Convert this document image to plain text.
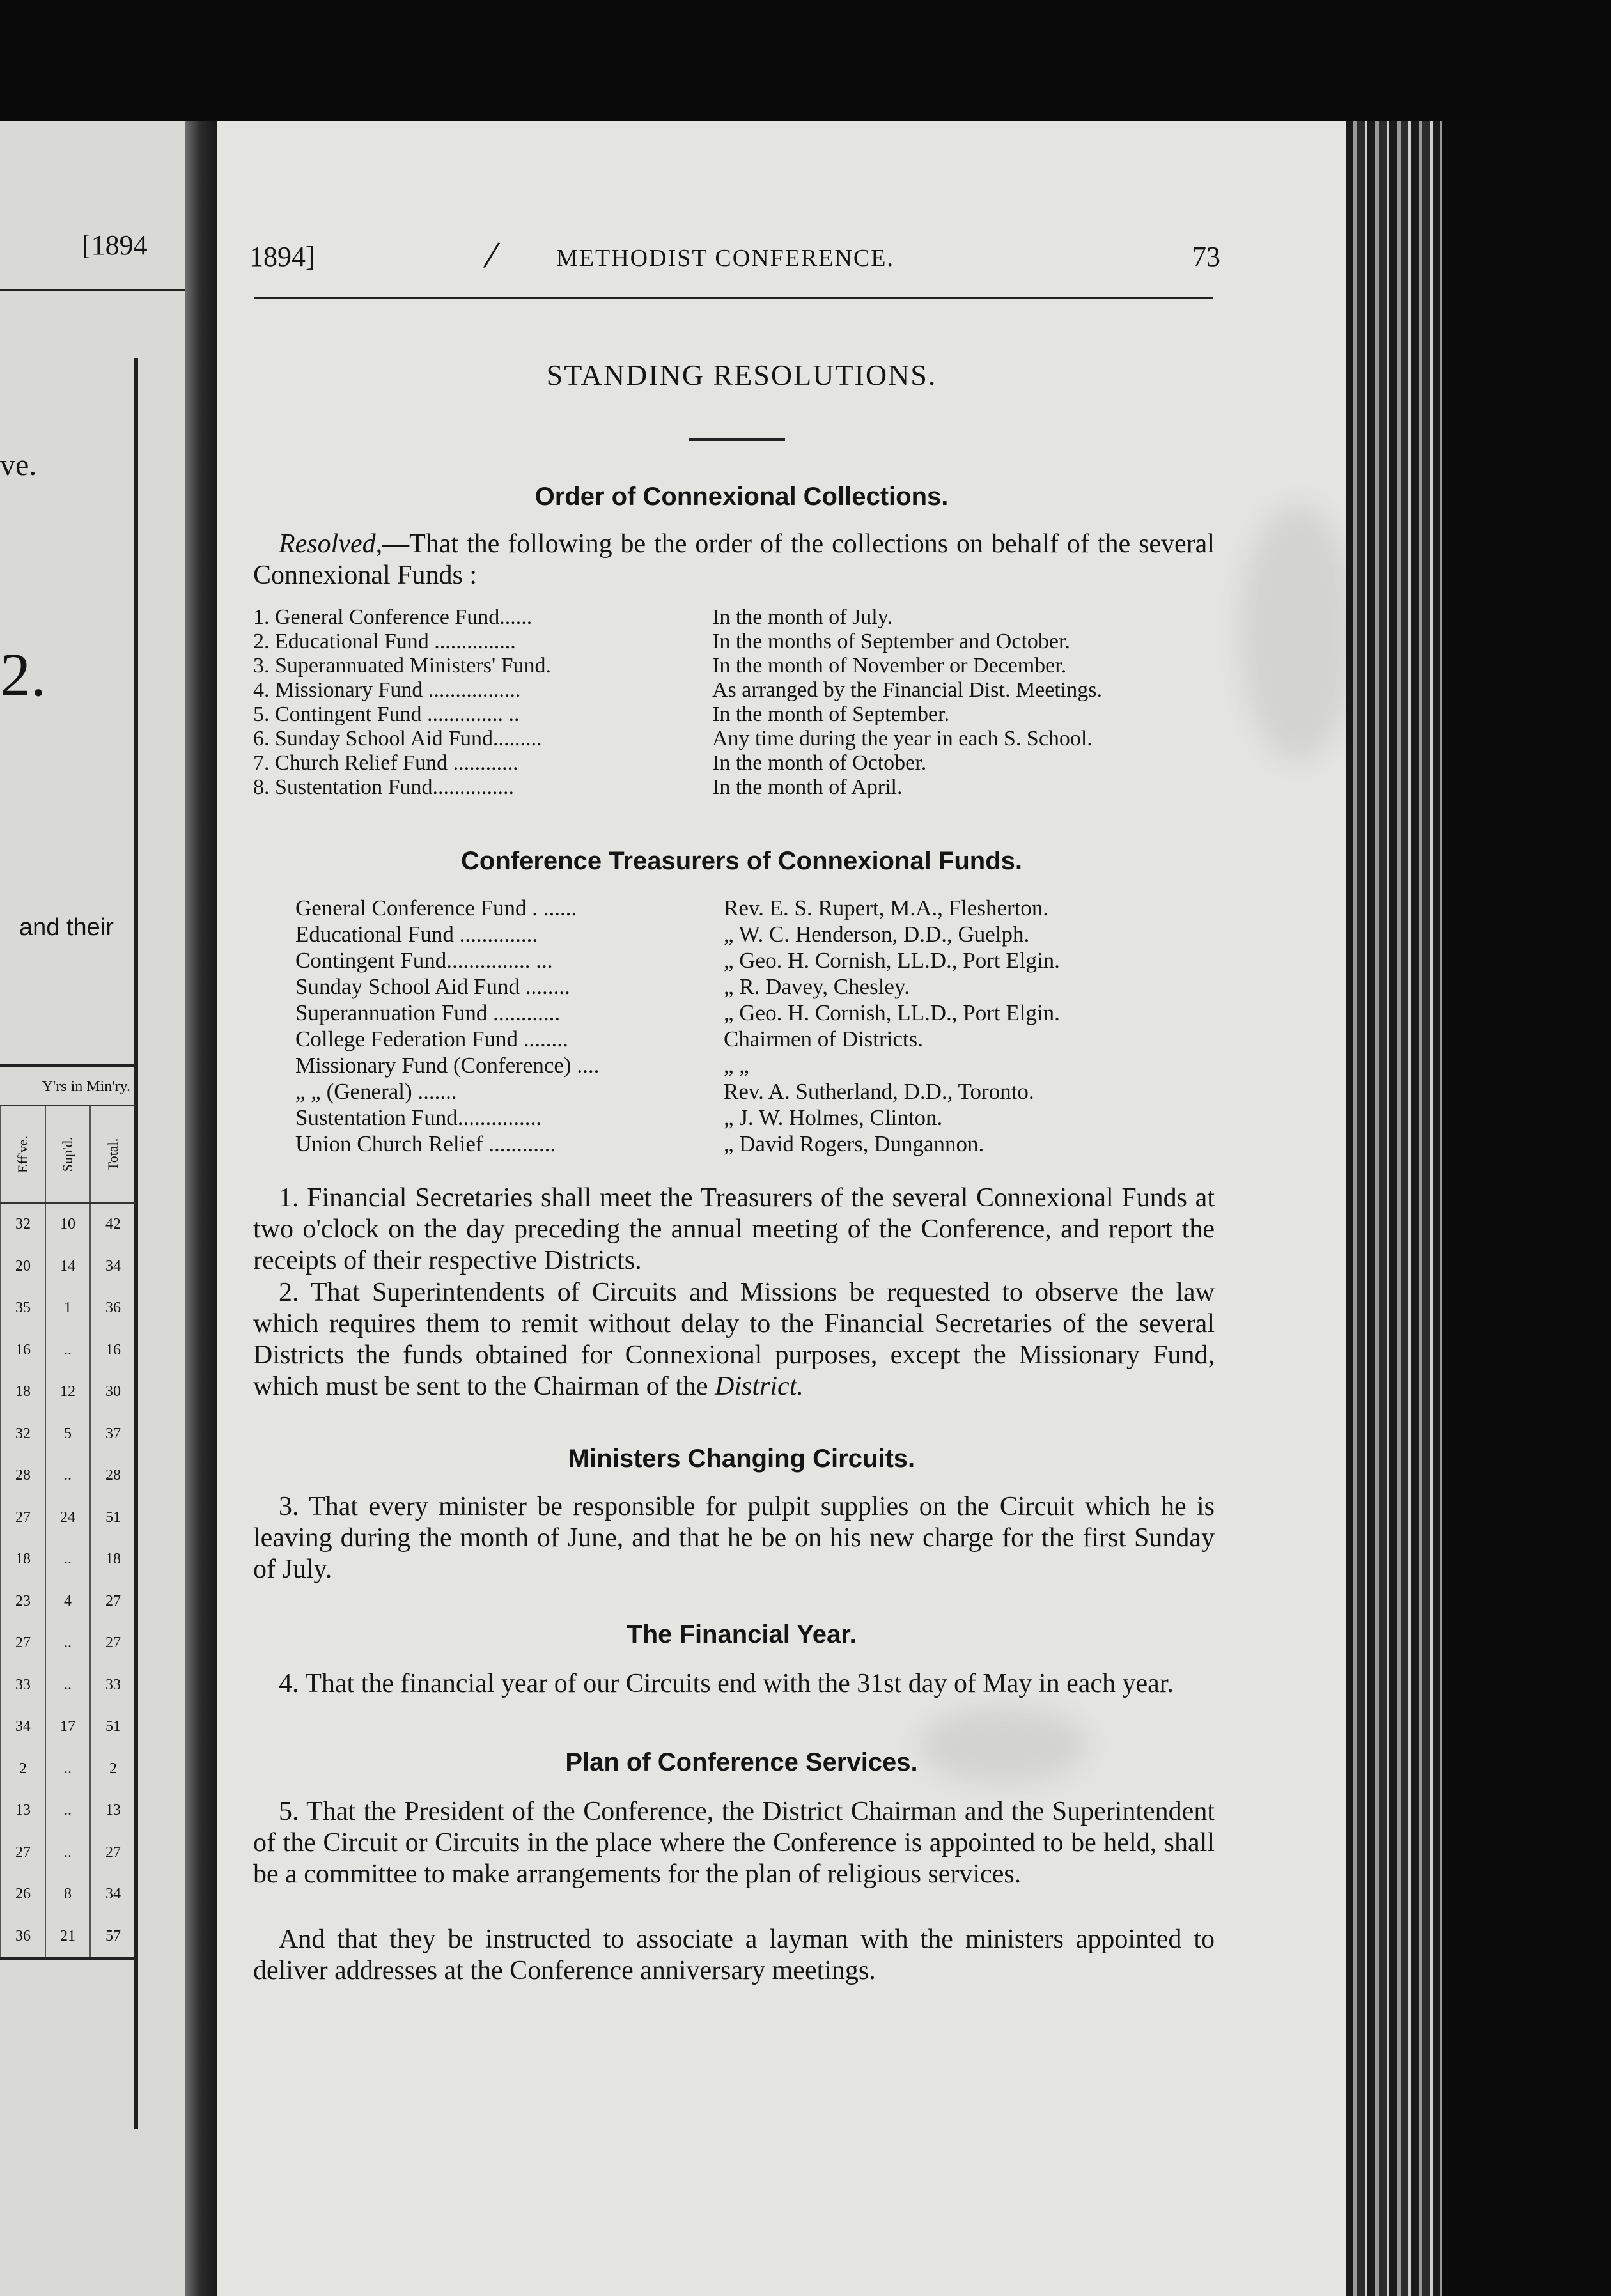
[1894
ve.
2.
and their
Y'rs in Min'ry.
Eff've. Sup'd. Total.
32	10	42
20	14	34
35	1	36
16	..	16
18	12	30
32	5	37
28	..	28
27	24	51
18	..	18
23	4	27
27	..	27
33	..	33
34	17	51
2	..	2
13	..	13
27	..	27
26	8	34
36	21	57
1894]	/ METHODIST CONFERENCE.	73
STANDING RESOLUTIONS.
Order of Connexional Collections.
Resolved,—That the following be the order of the collections on behalf of the several Connexional Funds :
1. General Conference Fund......	In the month of July.
2. Educational Fund ...............	In the months of September and October.
3. Superannuated Ministers' Fund.	In the month of November or December.
4. Missionary Fund .................	As arranged by the Financial Dist. Meetings.
5. Contingent Fund .............. ..	In the month of September.
6. Sunday School Aid Fund.........	Any time during the year in each S. School.
7. Church Relief Fund ............	In the month of October.
8. Sustentation Fund...............	In the month of April.
Conference Treasurers of Connexional Funds.
General Conference Fund . ......	Rev. E. S. Rupert, M.A., Flesherton.
Educational Fund ..............	„ W. C. Henderson, D.D., Guelph.
Contingent Fund............... ...	„ Geo. H. Cornish, LL.D., Port Elgin.
Sunday School Aid Fund ........	„ R. Davey, Chesley.
Superannuation Fund ............	„ Geo. H. Cornish, LL.D., Port Elgin.
College Federation Fund ........	Chairmen of Districts.
Missionary Fund (Conference) ....	„ „
„ „ (General) .......	Rev. A. Sutherland, D.D., Toronto.
Sustentation Fund...............	„ J. W. Holmes, Clinton.
Union Church Relief ............	„ David Rogers, Dungannon.
1. Financial Secretaries shall meet the Treasurers of the several Connexional Funds at two o'clock on the day preceding the annual meeting of the Conference, and report the receipts of their respective Districts.
2. That Superintendents of Circuits and Missions be requested to observe the law which requires them to remit without delay to the Financial Secretaries of the several Districts the funds obtained for Connexional purposes, except the Missionary Fund, which must be sent to the Chairman of the District.
Ministers Changing Circuits.
3. That every minister be responsible for pulpit supplies on the Circuit which he is leaving during the month of June, and that he be on his new charge for the first Sunday of July.
The Financial Year.
4. That the financial year of our Circuits end with the 31st day of May in each year.
Plan of Conference Services.
5. That the President of the Conference, the District Chairman and the Superintendent of the Circuit or Circuits in the place where the Conference is appointed to be held, shall be a committee to make arrangements for the plan of religious services.
And that they be instructed to associate a layman with the ministers appointed to deliver addresses at the Conference anniversary meetings.
